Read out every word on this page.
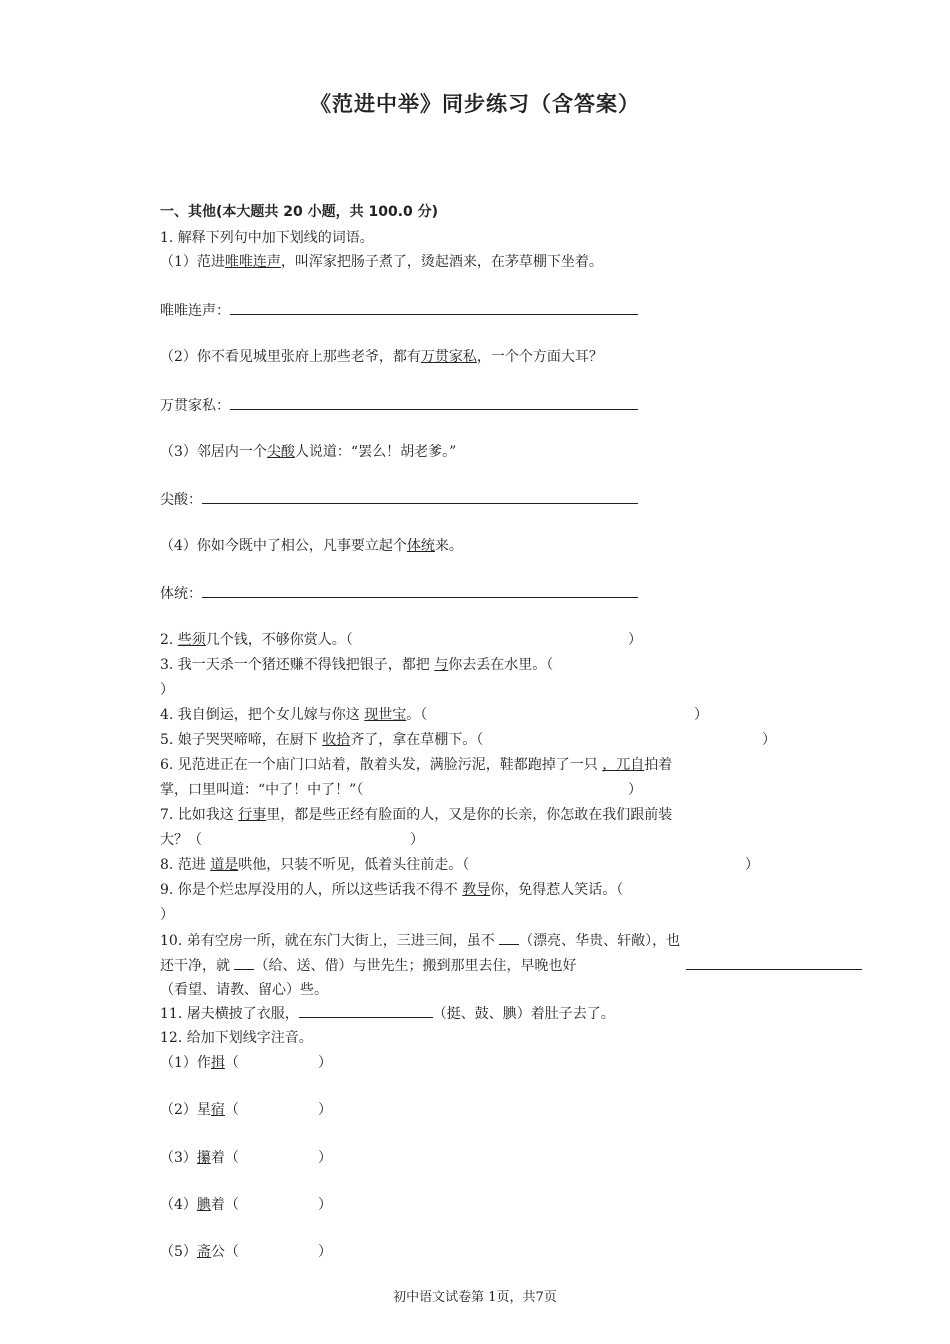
《范进中举》同步练习（含答案）
一、其他(本大题共 20 小题，共 100.0 分)
1. 解释下列句中加下划线的词语。
（1）范进唯唯连声，叫浑家把肠子煮了，烫起酒来，在茅草棚下坐着。
唯唯连声：
（2）你不看见城里张府上那些老爷，都有万贯家私，一个个方面大耳？
万贯家私：
（3）邻居内一个尖酸人说道：“罢么！胡老爹。”
尖酸：
（4）你如今既中了相公，凡事要立起个体统来。
体统：
2. 些须几个钱，不够你赏人。（	）
3. 我一天杀一个猪还赚不得钱把银子，都把 与你去丢在水里。（
）
4. 我自倒运，把个女儿嫁与你这 现世宝。（	）
5. 娘子哭哭啼啼，在厨下 收拾齐了，拿在草棚下。（	）
6. 见范进正在一个庙门口站着，散着头发，满脸污泥，鞋都跑掉了一只 ，兀自拍着
掌，口里叫道：“中了！中了！”（	）
7. 比如我这 行事里，都是些正经有脸面的人，又是你的长亲，你怎敢在我们跟前装
大？（	）
8. 范进 道是哄他，只装不听见，低着头往前走。（	）
9. 你是个烂忠厚没用的人，所以这些话我不得不 教导你，免得惹人笑话。（
）
10. 弟有空房一所，就在东门大街上，三进三间，虽不 （漂亮、华贵、轩敞），也
还干净，就 （给、送、借）与世先生；搬到那里去住，早晚也好
（看望、请教、留心）些。
11. 屠夫横披了衣服，	（挺、鼓、腆）着肚子去了。
12. 给加下划线字注音。
（1）作揖（	）
（2）星宿（	）
（3）攥着（	）
（4）腆着（	）
（5）斋公（	）
初中语文试卷第 1页，共7页
